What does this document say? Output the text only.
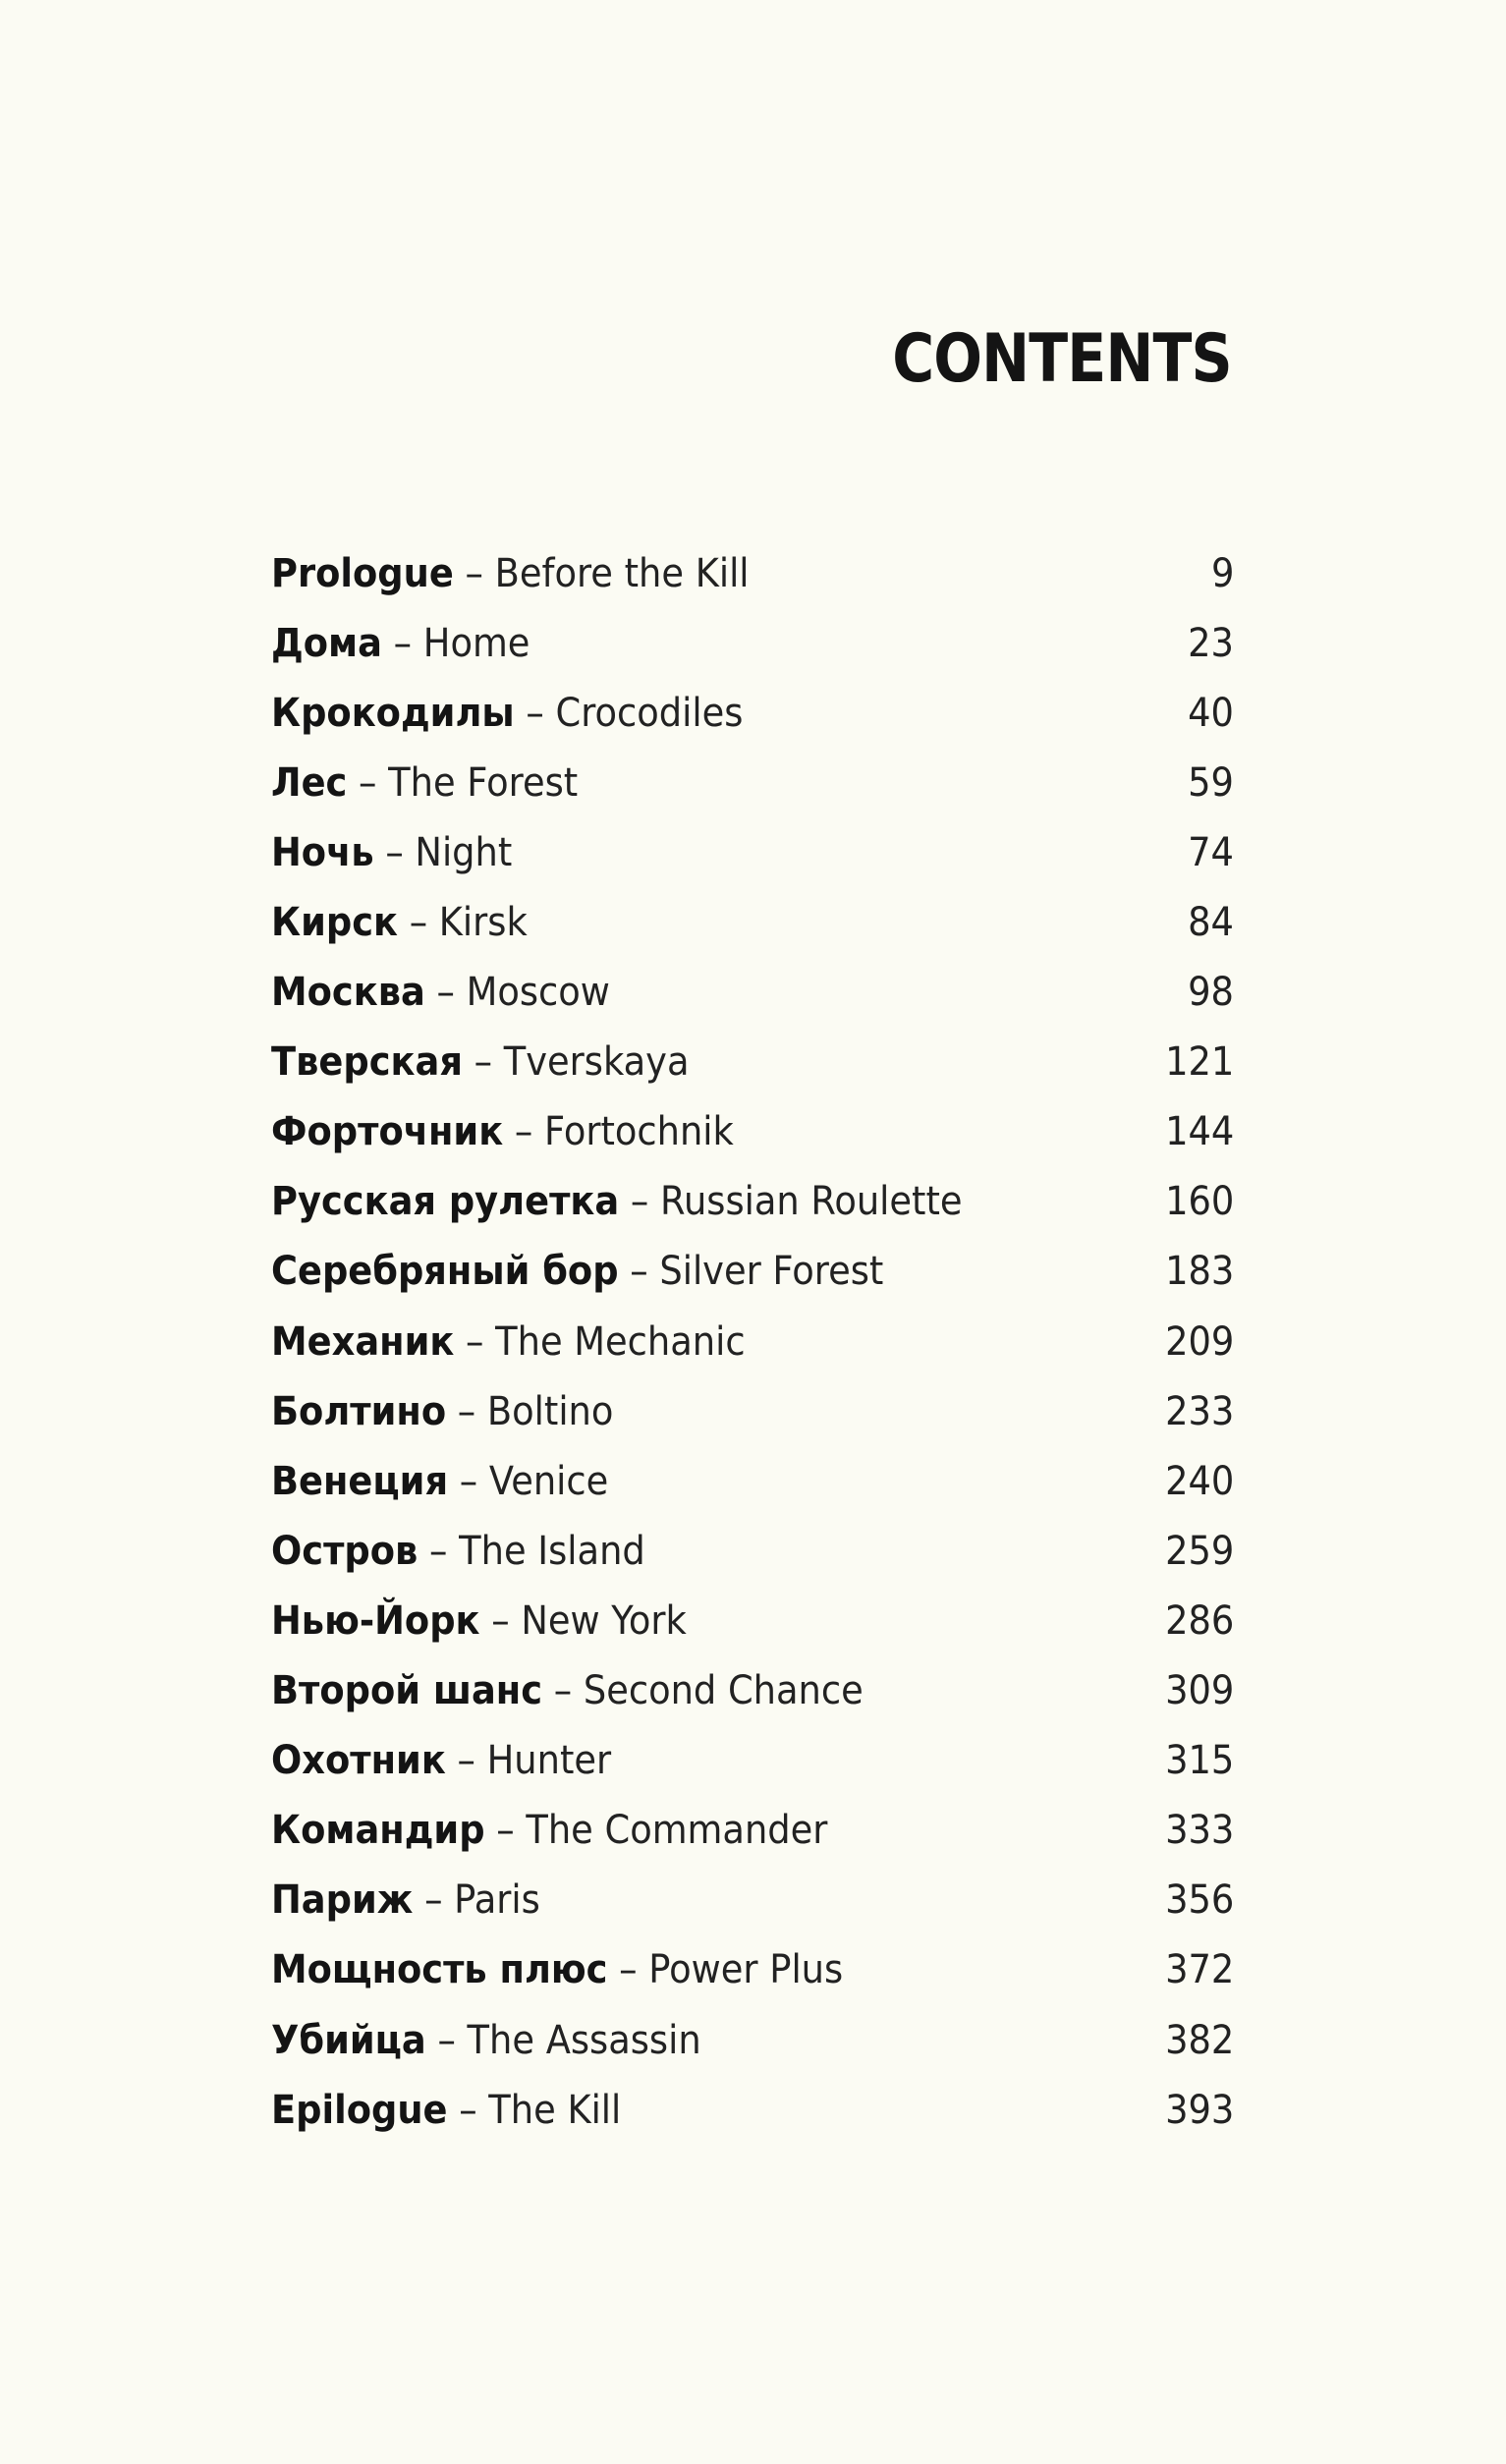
CONTENTS
Prologue – Before the Kill	9
Дома – Home	23
Крокодилы – Crocodiles	40
Лес – The Forest	59
Ночь – Night	74
Кирск – Kirsk	84
Москва – Moscow	98
Тверская – Tverskaya	121
Форточник – Fortochnik	144
Русская рулетка – Russian Roulette	160
Серебряный бор – Silver Forest	183
Механик – The Mechanic	209
Болтино – Boltino	233
Венеция – Venice	240
Остров – The Island	259
Нью-Йорк – New York	286
Второй шанс – Second Chance	309
Охотник – Hunter	315
Командир – The Commander	333
Париж – Paris	356
Мощность плюс – Power Plus	372
Убийца – The Assassin	382
Epilogue – The Kill	393
